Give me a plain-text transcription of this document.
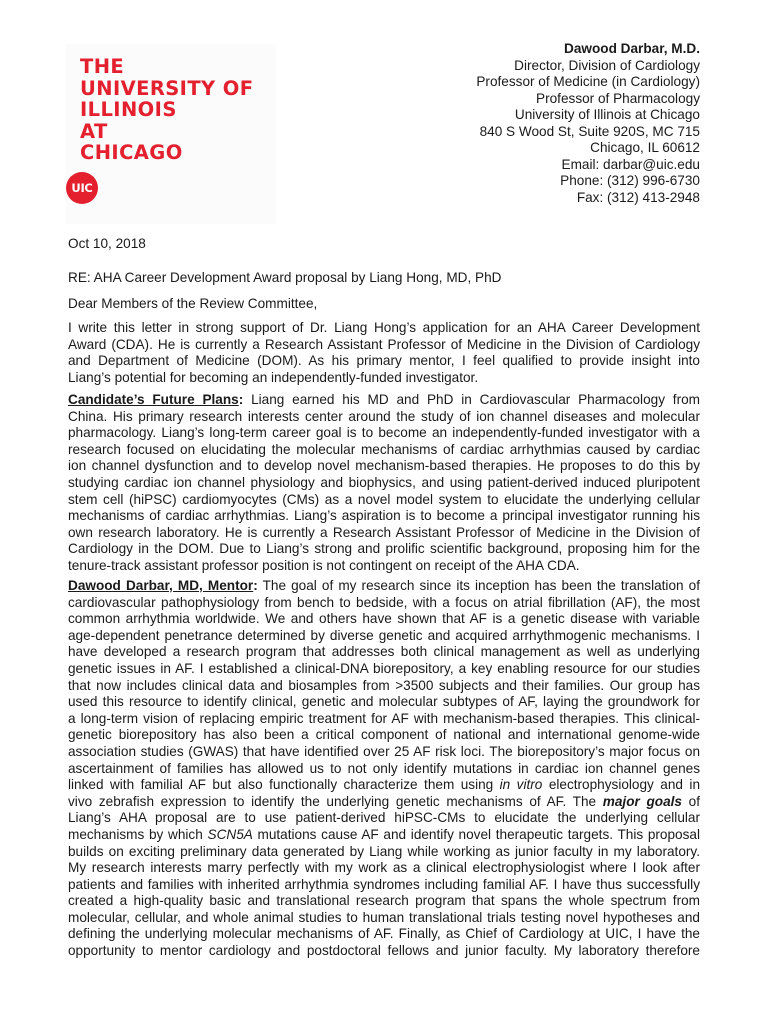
THE
UNIVERSITY OF
ILLINOIS
AT
CHICAGO
UIC
Dawood Darbar, M.D.
Director, Division of Cardiology
Professor of Medicine (in Cardiology)
Professor of Pharmacology
University of Illinois at Chicago
840 S Wood St, Suite 920S, MC 715
Chicago, IL 60612
Email: darbar@uic.edu
Phone: (312) 996-6730
Fax: (312) 413-2948
Oct 10, 2018
RE: AHA Career Development Award proposal by Liang Hong, MD, PhD
Dear Members of the Review Committee,
I write this letter in strong support of Dr. Liang Hong’s application for an AHA Career Development
Award (CDA). He is currently a Research Assistant Professor of Medicine in the Division of Cardiology
and Department of Medicine (DOM). As his primary mentor, I feel qualified to provide insight into
Liang’s potential for becoming an independently-funded investigator.
Candidate’s Future Plans: Liang earned his MD and PhD in Cardiovascular Pharmacology from
China. His primary research interests center around the study of ion channel diseases and molecular
pharmacology. Liang’s long-term career goal is to become an independently-funded investigator with a
research focused on elucidating the molecular mechanisms of cardiac arrhythmias caused by cardiac
ion channel dysfunction and to develop novel mechanism-based therapies. He proposes to do this by
studying cardiac ion channel physiology and biophysics, and using patient-derived induced pluripotent
stem cell (hiPSC) cardiomyocytes (CMs) as a novel model system to elucidate the underlying cellular
mechanisms of cardiac arrhythmias. Liang’s aspiration is to become a principal investigator running his
own research laboratory. He is currently a Research Assistant Professor of Medicine in the Division of
Cardiology in the DOM. Due to Liang’s strong and prolific scientific background, proposing him for the
tenure-track assistant professor position is not contingent on receipt of the AHA CDA.
Dawood Darbar, MD, Mentor: The goal of my research since its inception has been the translation of
cardiovascular pathophysiology from bench to bedside, with a focus on atrial fibrillation (AF), the most
common arrhythmia worldwide. We and others have shown that AF is a genetic disease with variable
age-dependent penetrance determined by diverse genetic and acquired arrhythmogenic mechanisms. I
have developed a research program that addresses both clinical management as well as underlying
genetic issues in AF. I established a clinical-DNA biorepository, a key enabling resource for our studies
that now includes clinical data and biosamples from >3500 subjects and their families. Our group has
used this resource to identify clinical, genetic and molecular subtypes of AF, laying the groundwork for
a long-term vision of replacing empiric treatment for AF with mechanism-based therapies. This clinical-
genetic biorepository has also been a critical component of national and international genome-wide
association studies (GWAS) that have identified over 25 AF risk loci. The biorepository’s major focus on
ascertainment of families has allowed us to not only identify mutations in cardiac ion channel genes
linked with familial AF but also functionally characterize them using in vitro electrophysiology and in
vivo zebrafish expression to identify the underlying genetic mechanisms of AF. The major goals of
Liang’s AHA proposal are to use patient-derived hiPSC-CMs to elucidate the underlying cellular
mechanisms by which SCN5A mutations cause AF and identify novel therapeutic targets. This proposal
builds on exciting preliminary data generated by Liang while working as junior faculty in my laboratory.
My research interests marry perfectly with my work as a clinical electrophysiologist where I look after
patients and families with inherited arrhythmia syndromes including familial AF. I have thus successfully
created a high-quality basic and translational research program that spans the whole spectrum from
molecular, cellular, and whole animal studies to human translational trials testing novel hypotheses and
defining the underlying molecular mechanisms of AF. Finally, as Chief of Cardiology at UIC, I have the
opportunity to mentor cardiology and postdoctoral fellows and junior faculty. My laboratory therefore
